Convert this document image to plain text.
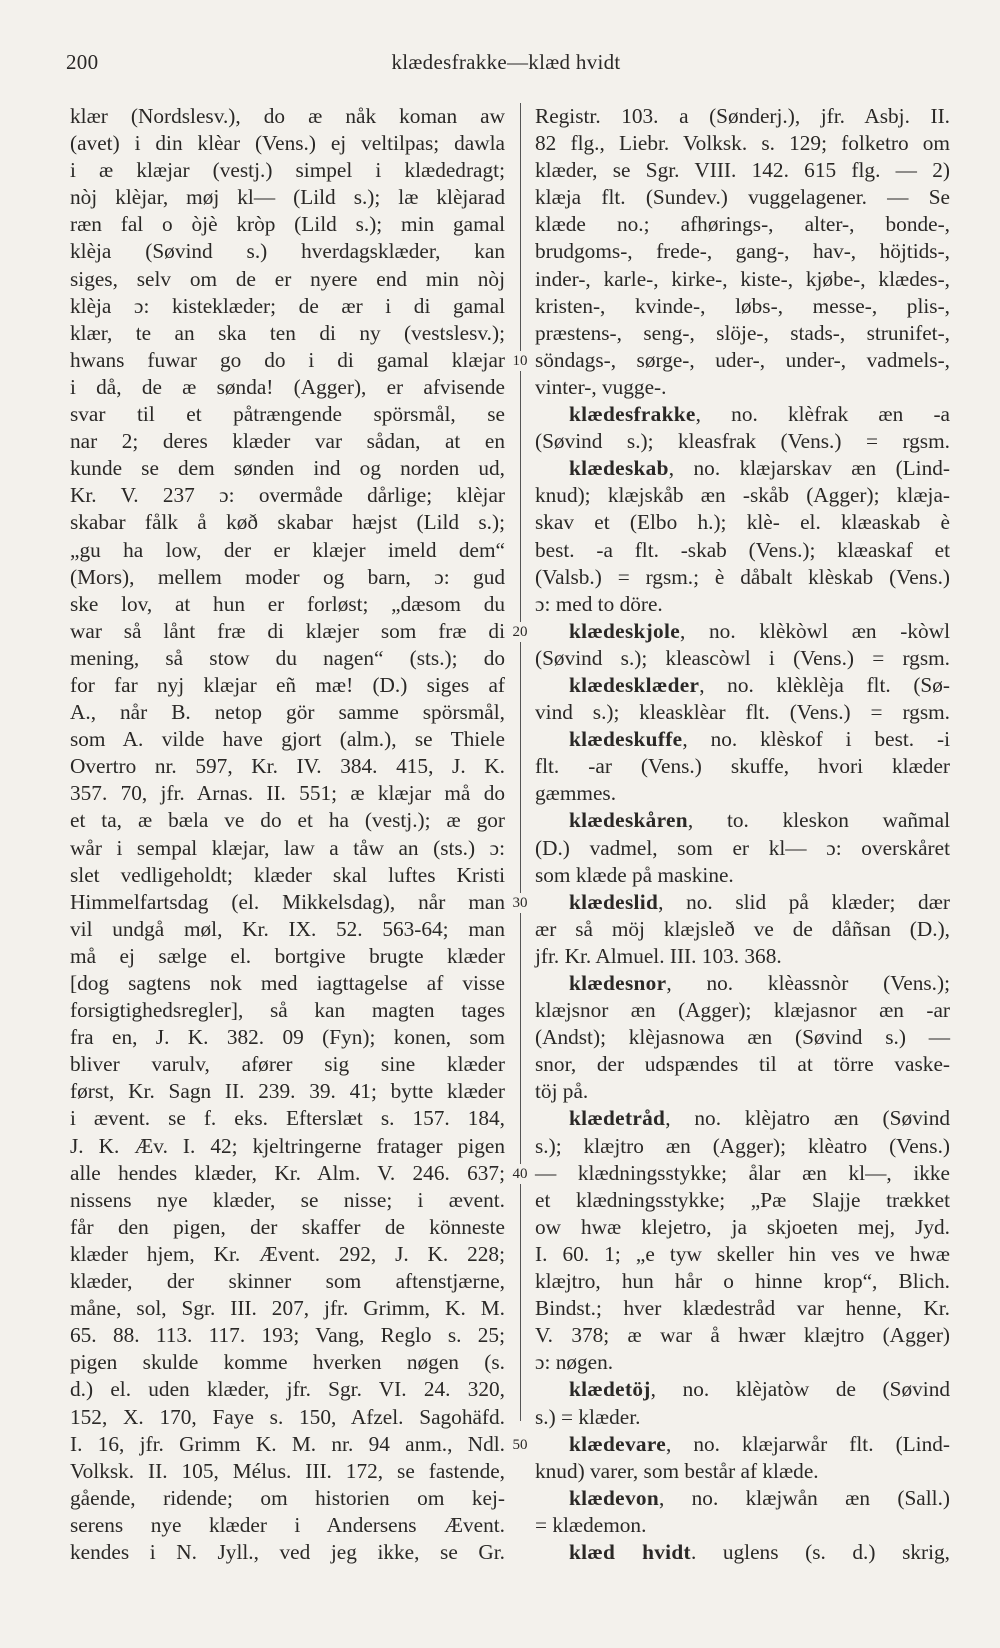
200	klædesfrakke—klæd hvidt
klær (Nordslesv.), do æ nåk koman aw
(avet) i din klèar (Vens.) ej veltilpas; dawla
i æ klæjar (vestj.) simpel i klædedragt;
nòj klèjar, møj kl— (Lild s.); læ klèjarad
ræn fal o òjè kròp (Lild s.); min gamal
klèja (Søvind s.) hverdagsklæder, kan
siges, selv om de er nyere end min nòj
klèja ɔ: kistеklæder; de ær i di gamal
klær, te an ska ten di ny (vestslesv.);
hwans fuwar go do i di gamal klæjar
i då, de æ søndа! (Agger), er afvisende
svar til et påtrængende spörsmål, se
nar 2; deres klæder var sådan, at en
kunde se dem sønden ind og norden ud,
Kr. V. 237 ɔ: overmåde dårlige; klèjar
skabar fålk å køð skabar hæjst (Lild s.);
„gu ha low, der er klæjer imeld dem“
(Mors), mellem moder og barn, ɔ: gud
ske lov, at hun er forløst; „dæsom du
war så lånt fræ di klæjer som fræ di
mening, så stow du nagen“ (sts.); do
for far nyj klæjar eñ mæ! (D.) siges af
A., når B. netop gör samme spörsmål,
som A. vilde have gjort (alm.), se Thiele
Overtro nr. 597, Kr. IV. 384. 415, J. K.
357. 70, jfr. Arnas. II. 551; æ klæjar må do
et ta, æ bæla ve do et ha (vestj.); æ gor
wår i sempal klæjar, law a tåw an (sts.) ɔ:
slet vedligeholdt; klæder skal luftes Kristi
Himmelfartsdag (el. Mikkelsdag), når man
vil undgå møl, Kr. IX. 52. 563-64; man
må ej sælge el. bortgive brugte klæder
[dog sagtens nok med iagttagelse af visse
forsigtighedsregler], så kan magten tages
fra en, J. K. 382. 09 (Fyn); konen, som
bliver varulv, afører sig sine klæder
først, Kr. Sagn II. 239. 39. 41; bytte klæder
i ævent. se f. eks. Efterslæt s. 157. 184,
J. K. Æv. I. 42; kjeltringerne fratager pigen
alle hendes klæder, Kr. Alm. V. 246. 637;
nissens nye klæder, se nisse; i ævent.
får den pigen, der skaffer de könneste
klæder hjem, Kr. Ævent. 292, J. K. 228;
klæder, der skinner som aftenstjærne,
måne, sol, Sgr. III. 207, jfr. Grimm, K. M.
65. 88. 113. 117. 193; Vang, Reglo s. 25;
pigen skulde komme hverken nøgen (s.
d.) el. uden klæder, jfr. Sgr. VI. 24. 320,
152, X. 170, Faye s. 150, Afzel. Sagohäfd.
I. 16, jfr. Grimm K. M. nr. 94 anm., Ndl.
Volksk. II. 105, Mélus. III. 172, se fastende,
gående, ridende; om historien om kej-
serens nye klæder i Andersens Ævent.
kendes i N. Jyll., ved jeg ikke, se Gr.
10
20
30
40
50
Registr. 103. a (Sønderj.), jfr. Asbj. II.
82 flg., Liebr. Volksk. s. 129; folketro om
klæder, se Sgr. VIII. 142. 615 flg. — 2)
klæja flt. (Sundev.) vuggelagener. — Se
klæde no.; afhørings-, alter-, bonde-,
brudgoms-, frede-, gang-, hav-, höjtids-,
inder-, karle-, kirke-, kiste-, kjøbe-, klædes-,
kristen-, kvinde-, løbs-, messe-, plis-,
præstens-, seng-, slöje-, stads-, strunifet-,
söndags-, sørge-, uder-, under-, vadmels-,
vinter-, vugge-.
klædesfrakke, no. klèfrak æn -a
(Søvind s.); kleasfrak (Vens.) = rgsm.
klædeskab, no. klæjarskav æn (Lind-
knud); klæjskåb æn -skåb (Agger); klæja-
skav et (Elbo h.); klè- el. klæaskab è
best. -a flt. -skab (Vens.); klæaskaf et
(Valsb.) = rgsm.; è dåbalt klèskab (Vens.)
ɔ: med to döre.
klædeskjole, no. klèkòwl æn -kòwl
(Søvind s.); kleascòwl i (Vens.) = rgsm.
klædesklæder, no. klèklèja flt. (Sø-
vind s.); kleasklèar flt. (Vens.) = rgsm.
klædeskuffe, no. klèskof i best. -i
flt. -ar (Vens.) skuffe, hvori klæder
gæmmes.
klædeskåren, to. kleskon wañmal
(D.) vadmel, som er kl— ɔ: overskåret
som klæde på maskine.
klædeslid, no. slid på klæder; dær
ær så möj klæjsleð ve de dåñsan (D.),
jfr. Kr. Almuel. III. 103. 368.
klædesnor, no. klèassnòr (Vens.);
klæjsnor æn (Agger); klæjasnor æn -ar
(Andst); klèjasnowa æn (Søvind s.) —
snor, der udspændes til at törre vaske-
töj på.
klædetråd, no. klèjatro æn (Søvind
s.); klæjtro æn (Agger); klèatro (Vens.)
— klædningsstykke; ålar æn kl—, ikke
et klædningsstykke; „Pæ Slajje trækket
ow hwæ klejetro, ja skjoeten mej, Jyd.
I. 60. 1; „e tyw skeller hin ves ve hwæ
klæjtro, hun hår o hinne krop“, Blich.
Bindst.; hver klædestråd var henne, Kr.
V. 378; æ war å hwær klæjtro (Agger)
ɔ: nøgen.
klædetöj, no. klèjatòw de (Søvind
s.) = klæder.
klædevare, no. klæjarwår flt. (Lind-
knud) varer, som består af klæde.
klædevon, no. klæjwån æn (Sall.)
= klædemon.
klæd hvidt. uglens (s. d.) skrig,
